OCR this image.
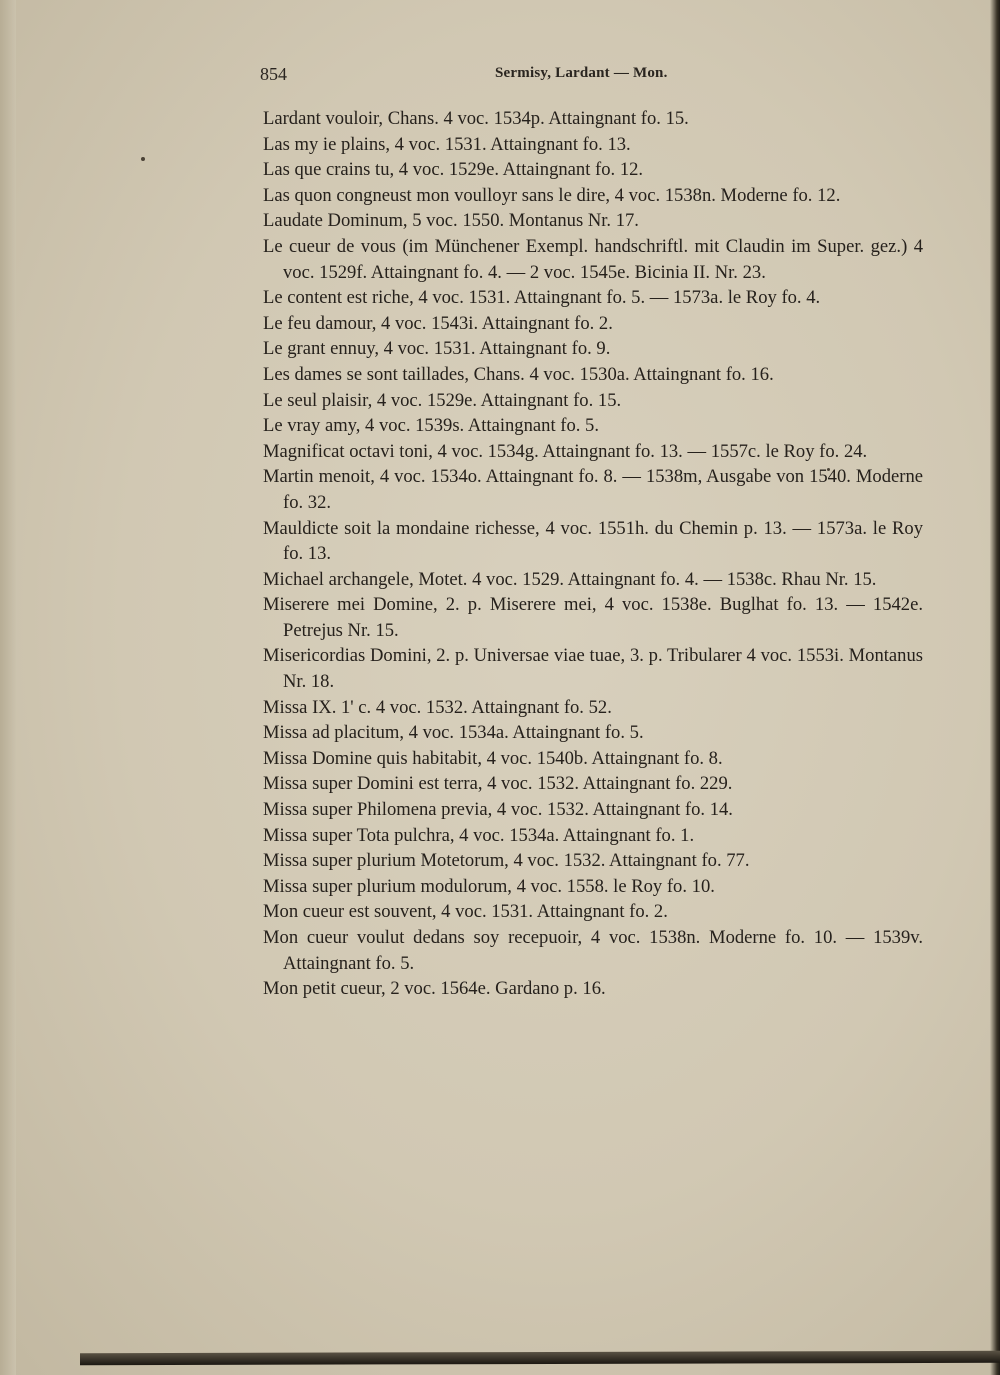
854	Sermisy, Lardant — Mon.

Lardant vouloir, Chans. 4 voc. 1534p. Attaingnant fo. 15.

Las my ie plains, 4 voc. 1531. Attaingnant fo. 13.

Las que crains tu, 4 voc. 1529e. Attaingnant fo. 12.

Las quon congneust mon voulloyr sans le dire, 4 voc. 1538n. Moderne fo. 12.

Laudate Dominum, 5 voc. 1550. Montanus Nr. 17.

Le cueur de vous (im Münchener Exempl. handschriftl. mit Claudin im Super. gez.) 4 voc. 1529f. Attaingnant fo. 4. — 2 voc. 1545e. Bicinia II. Nr. 23.

Le content est riche, 4 voc. 1531. Attaingnant fo. 5. — 1573a. le Roy fo. 4.

Le feu damour, 4 voc. 1543i. Attaingnant fo. 2.

Le grant ennuy, 4 voc. 1531. Attaingnant fo. 9.

Les dames se sont taillades, Chans. 4 voc. 1530a. Attaingnant fo. 16.

Le seul plaisir, 4 voc. 1529e. Attaingnant fo. 15.

Le vray amy, 4 voc. 1539s. Attaingnant fo. 5.

Magnificat octavi toni, 4 voc. 1534g. Attaingnant fo. 13. — 1557c. le Roy fo. 24.

Martin menoit, 4 voc. 1534o. Attaingnant fo. 8. — 1538m, Ausgabe von 1540. Moderne fo. 32.

Mauldicte soit la mondaine richesse, 4 voc. 1551h. du Chemin p. 13. — 1573a. le Roy fo. 13.

Michael archangele, Motet. 4 voc. 1529. Attaingnant fo. 4. — 1538c. Rhau Nr. 15.

Miserere mei Domine, 2. p. Miserere mei, 4 voc. 1538e. Buglhat fo. 13. — 1542e. Petrejus Nr. 15.

Misericordias Domini, 2. p. Universae viae tuae, 3. p. Tribularer 4 voc. 1553i. Montanus Nr. 18.

Missa IX. 1' c. 4 voc. 1532. Attaingnant fo. 52.

Missa ad placitum, 4 voc. 1534a. Attaingnant fo. 5.

Missa Domine quis habitabit, 4 voc. 1540b. Attaingnant fo. 8.

Missa super Domini est terra, 4 voc. 1532. Attaingnant fo. 229.

Missa super Philomena previa, 4 voc. 1532. Attaingnant fo. 14.

Missa super Tota pulchra, 4 voc. 1534a. Attaingnant fo. 1.

Missa super plurium Motetorum, 4 voc. 1532. Attaingnant fo. 77.

Missa super plurium modulorum, 4 voc. 1558. le Roy fo. 10.

Mon cueur est souvent, 4 voc. 1531. Attaingnant fo. 2.

Mon cueur voulut dedans soy recepuoir, 4 voc. 1538n. Moderne fo. 10. — 1539v. Attaingnant fo. 5.

Mon petit cueur, 2 voc. 1564e. Gardano p. 16.
